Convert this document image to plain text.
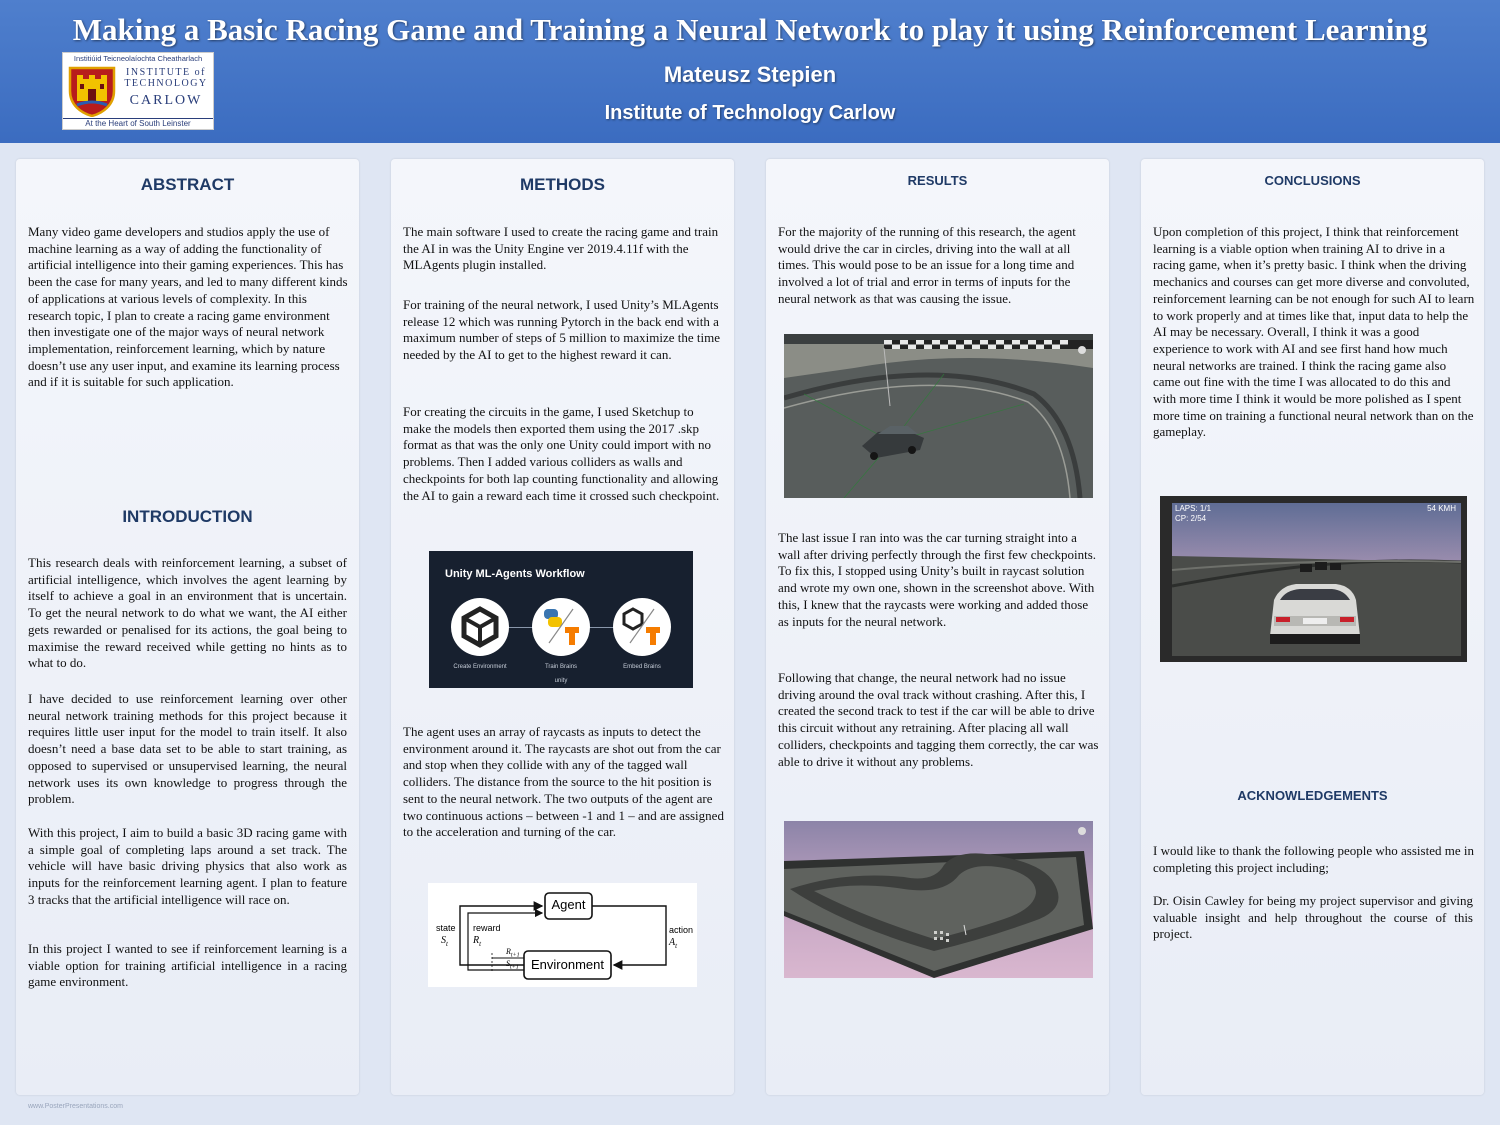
Making a Basic Racing Game and Training a Neural Network to play it using Reinforcement Learning
Mateusz Stepien
Institute of Technology Carlow
Institiúid Teicneolaíochta Cheatharlach
INSTITUTE of TECHNOLOGY
CARLOW
At the Heart of South Leinster
ABSTRACT
Many video game developers and studios apply the use of machine learning as a way of adding the functionality of artificial intelligence into their gaming experiences. This has been the case for many years, and led to many different kinds of applications at various levels of complexity. In this research topic, I plan to create a racing game environment then investigate one of the major ways of neural network implementation, reinforcement learning, which by nature doesn’t use any user input, and examine its learning process and if it is suitable for such application.
INTRODUCTION
This research deals with reinforcement learning, a subset of artificial intelligence, which involves the agent learning by itself to achieve a goal in an environment that is uncertain. To get the neural network to do what we want, the AI either gets rewarded or penalised for its actions, the goal being to maximise the reward received while getting no hints as to what to do.
I have decided to use reinforcement learning over other neural network training methods for this project because it requires little user input for the model to train itself. It also doesn’t need a base data set to be able to start training, as opposed to supervised or unsupervised learning, the neural network uses its own knowledge to progress through the problem.
With this project, I aim to build a basic 3D racing game with a simple goal of completing laps around a set track. The vehicle will have basic driving physics that also work as inputs for the reinforcement learning agent. I plan to feature 3 tracks that the artificial intelligence will race on.
In this project I wanted to see if reinforcement learning is a viable option for training artificial intelligence in a racing game environment.
METHODS
The main software I used to create the racing game and train the AI in was the Unity Engine ver 2019.4.11f with the MLAgents plugin installed.
For training of the neural network, I used Unity’s MLAgents release 12 which was running Pytorch in the back end with a maximum number of steps of 5 million to maximize the time needed by the AI to get to the highest reward it can.
For creating the circuits in the game, I used Sketchup to make the models then exported them using the 2017 .skp format as that was the only one Unity could import with no problems. Then I added various colliders as walls and checkpoints for both lap counting functionality and allowing the AI to gain a reward each time it crossed such checkpoint.
Unity ML-Agents Workflow
Create Environment	Train Brains	Embed Brains
unity
The agent uses an array of raycasts as inputs to detect the environment around it. The raycasts are shot out from the car and stop when they collide with any of the tagged wall colliders. The distance from the source to the hit position is sent to the neural network. The two outputs of the agent are two continuous actions – between -1 and 1 – and are assigned to the acceleration and turning of the car.
Agent
Environment
state
$S_t$
reward
$R_t$
action
$A_t$
$R_{t+1}$
$S_{t+1}$
RESULTS
For the majority of the running of this research, the agent would drive the car in circles, driving into the wall at all times. This would pose to be an issue for a long time and involved a lot of trial and error in terms of inputs for the neural network as that was causing the issue.
The last issue I ran into was the car turning straight into a wall after driving perfectly through the first few checkpoints. To fix this, I stopped using Unity’s built in raycast solution and wrote my own one, shown in the screenshot above. With this, I knew that the raycasts were working and added those as inputs for the neural network.
Following that change, the neural network had no issue driving around the oval track without crashing. After this, I created the second track to test if the car will be able to drive this circuit without any retraining. After placing all wall colliders, checkpoints and tagging them correctly, the car was able to drive it without any problems.
CONCLUSIONS
Upon completion of this project, I think that reinforcement learning is a viable option when training AI to drive in a racing game, when it’s pretty basic. I think when the driving mechanics and courses can get more diverse and convoluted, reinforcement learning can be not enough for such AI to learn to work properly and at times like that, input data to help the AI may be necessary. Overall, I think it was a good experience to work with AI and see first hand how much neural networks are trained. I think the racing game also came out fine with the time I was allocated to do this and with more time I think it would be more polished as I spent more time on training a functional neural network than on the gameplay.
LAPS: 1/1
CP: 2/54
54 KMH
ACKNOWLEDGEMENTS
I would like to thank the following people who assisted me in completing this project including;
Dr. Oisin Cawley for being my project supervisor and giving valuable insight and help throughout the course of this project.
www.PosterPresentations.com
